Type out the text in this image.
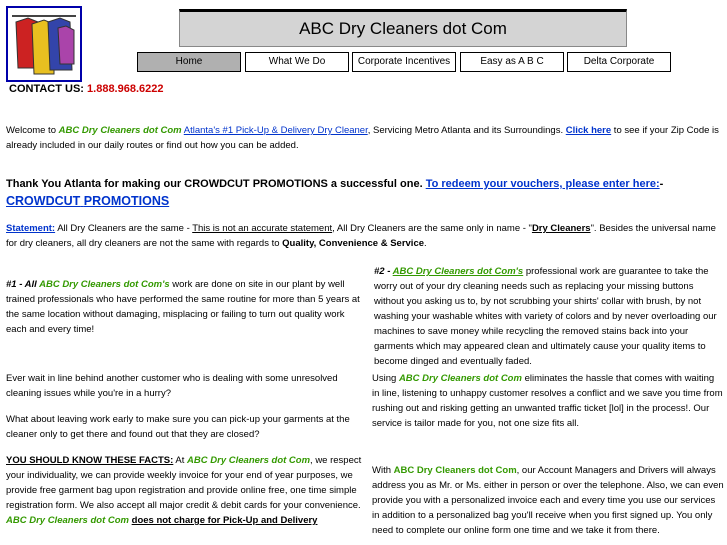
ABC Dry Cleaners dot Com
Home	What We Do	Corporate Incentives	Easy as A B C	Delta Corporate
CONTACT US: 1.888.968.6222
Welcome to ABC Dry Cleaners dot Com Atlanta's #1 Pick-Up & Delivery Dry Cleaner, Servicing Metro Atlanta and its Surroundings. Click here to see if your Zip Code is already included in our daily routes or find out how you can be added.
Thank You Atlanta for making our CROWDCUT PROMOTIONS a successful one. To redeem your vouchers, please enter here:-CROWDCUT PROMOTIONS
Statement: All Dry Cleaners are the same - This is not an accurate statement, All Dry Cleaners are the same only in name - "Dry Cleaners". Besides the universal name for dry cleaners, all dry cleaners are not the same with regards to Quality, Convenience & Service.
#1 - All ABC Dry Cleaners dot Com's work are done on site in our plant by well trained professionals who have performed the same routine for more than 5 years at the same location without damaging, misplacing or failing to turn out quality work each and every time!
#2 - ABC Dry Cleaners dot Com's professional work are guarantee to take the worry out of your dry cleaning needs such as replacing your missing buttons without you asking us to, by not scrubbing your shirts' collar with brush, by not washing your washable whites with variety of colors and by never overloading our machines to save money while recycling the removed stains back into your garments which may appeared clean and ultimately cause your quality items to become dinged and eventually faded.
Ever wait in line behind another customer who is dealing with some unresolved cleaning issues while you're in a hurry?
What about leaving work early to make sure you can pick-up your garments at the cleaner only to get there and found out that they are closed?
Using ABC Dry Cleaners dot Com eliminates the hassle that comes with waiting in line, listening to unhappy customer resolves a conflict and we save you time from rushing out and risking getting an unwanted traffic ticket [lol] in the process!. Our service is tailor made for you, not one size fits all.
YOU SHOULD KNOW THESE FACTS: At ABC Dry Cleaners dot Com, we respect your individuality, we can provide weekly invoice for your end of year purposes, we provide free garment bag upon registration and provide online free, one time simple registration form. We also accept all major credit & debit cards for your convenience.
ABC Dry Cleaners dot Com does not charge for Pick-Up and Delivery
With ABC Dry Cleaners dot Com, our Account Managers and Drivers will always address you as Mr. or Ms. either in person or over the telephone. Also, we can even provide you with a personalized invoice each and every time you use our services in addition to a personalized bag you'll receive when you first signed up. You only need to complete our online form one time and we take it from there.
